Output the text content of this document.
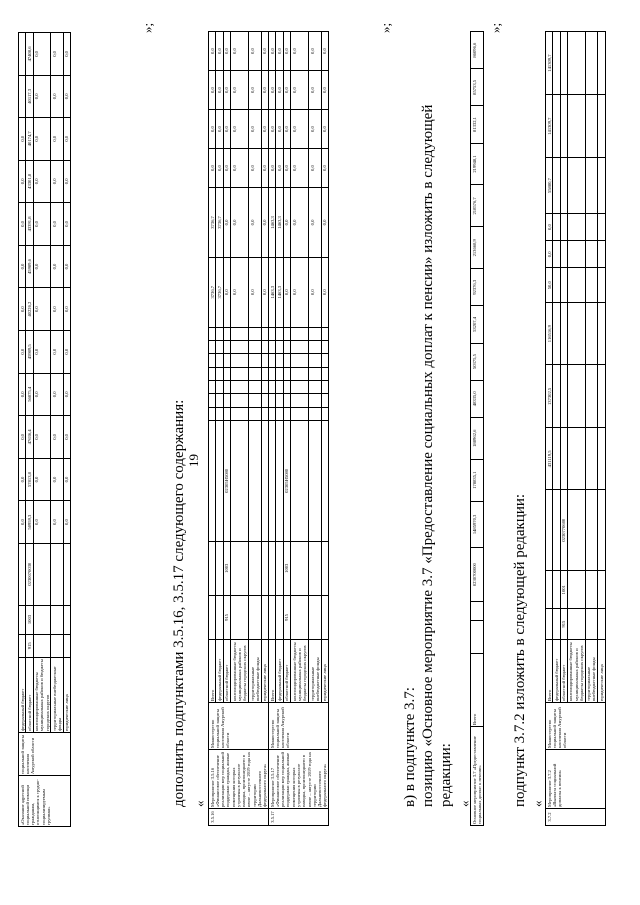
19
«Оказание адресной социальной помощи гражданам, относящимся к трудно-социализируемым группам»	социальной защиты населения Амурской области	федеральный бюджет				0,0	0,0	0,0	0,0	0,0	0,0	0,0	0,0	0,0	0,0		
		областной бюджет	915	1003	0230070030	50959,3	57813,8	47636,4	56875,4	45989,5	40226,2	45989,6	43391,8	43301,8	40174,7	40117,3	47408,6
		консолидированные бюджеты муниципальных районов и бюджеты городских округов				0,0	0,0	0,0	0,0	0,0	0,0	0,0	0,0	0,0	0,0	0,0	0,0
		территориальные внебюджетные фонды				0,0	0,0	0,0	0,0	0,0	0,0	0,0	0,0	0,0	0,0	0,0	0,0
		юридические лица				0,0	0,0	0,0	0,0	0,0	0,0	0,0	0,0	0,0	0,0	0,0	0,0
»;
дополнить подпунктами 3.5.16, 3.5.17 следующего содержания: «
3.5.16	Мероприятие 3.5.16 «Финансовое обеспечение реализации мер социальной поддержки граждан, жилые помещения которых утрачены в результате паводка, произошедшего в июле – августе 2019 года на территории Дальневосточного федерального округа»	Министерство социальной защиты населения Амурской области	Всего											3736,7	3736,7	0,0	0,0	0,0	0,0
			федеральный бюджет											3736,7	3736,7	0,0	0,0	0,0	0,0
			областной бюджет	915	1003	02305Н5080								0,0	0,0	0,0	0,0	0,0	0,0
			консолидированные бюджеты муниципальных районов и бюджеты городских округов											0,0	0,0	0,0	0,0	0,0	0,0
			территориальные внебюджетные фонды											0,0	0,0	0,0	0,0	0,0	0,0
			юридические лица											0,0	0,0	0,0	0,0	0,0	0,0
3.5.17	Мероприятие 3.5.17 «Финансовое обеспечение реализации мер социальной поддержки граждан, жилые помещения которых утрачены в результате паводка, произошедшего в июле – августе 2019 года на территории Дальневосточного федерального округа»	Министерство социальной защиты населения Амурской области	Всего											1463,3	1463,3	0,0	0,0	0,0	0,0
			федеральный бюджет											1463,3	1463,3	0,0	0,0	0,0	0,0
			областной бюджет	915	1003	02305Н5080								0,0	0,0	0,0	0,0	0,0	0,0
			консолидированные бюджеты муниципальных районов и бюджеты городских округов											0,0	0,0	0,0	0,0	0,0	0,0
			территориальные внебюджетные фонды											0,0	0,0	0,0	0,0	0,0	0,0
			юридические лица											0,0	0,0	0,0	0,0	0,0	0,0
»;
в) в подпункте 3.7: позицию «Основное мероприятие 3.7 «Предоставление социальных доплат к пенсии» изложить в следующей редакции: « Основное мероприятие 3.7 «Предоставление социальных доплат к пенсии»	Всего			0230700000	1485970,3	178835,1	188962,6	48335,0	50375,5	53207,4	92376,3	213668,9	218576,7	219948,1	81332,1	85753,5	86096,6
»;
подпункт 3.7.2 изложить в следующей редакции: «
3.7.2	Мероприятие 3.7.2 «Выплата социальной доплаты к пенсии»	Министерство социальной защиты населения Амурской области	Всего				431119,5	137302,5	116516,9	50,0	0,0	0,0	55880,7	141309,7	141309,7
			федеральный бюджет												
			областной бюджет	915	1001	0230770680									
			консолидированные бюджеты муниципальных районов и бюджеты городских округов												
			территориальные внебюджетные фонды												
			юридические лица												
